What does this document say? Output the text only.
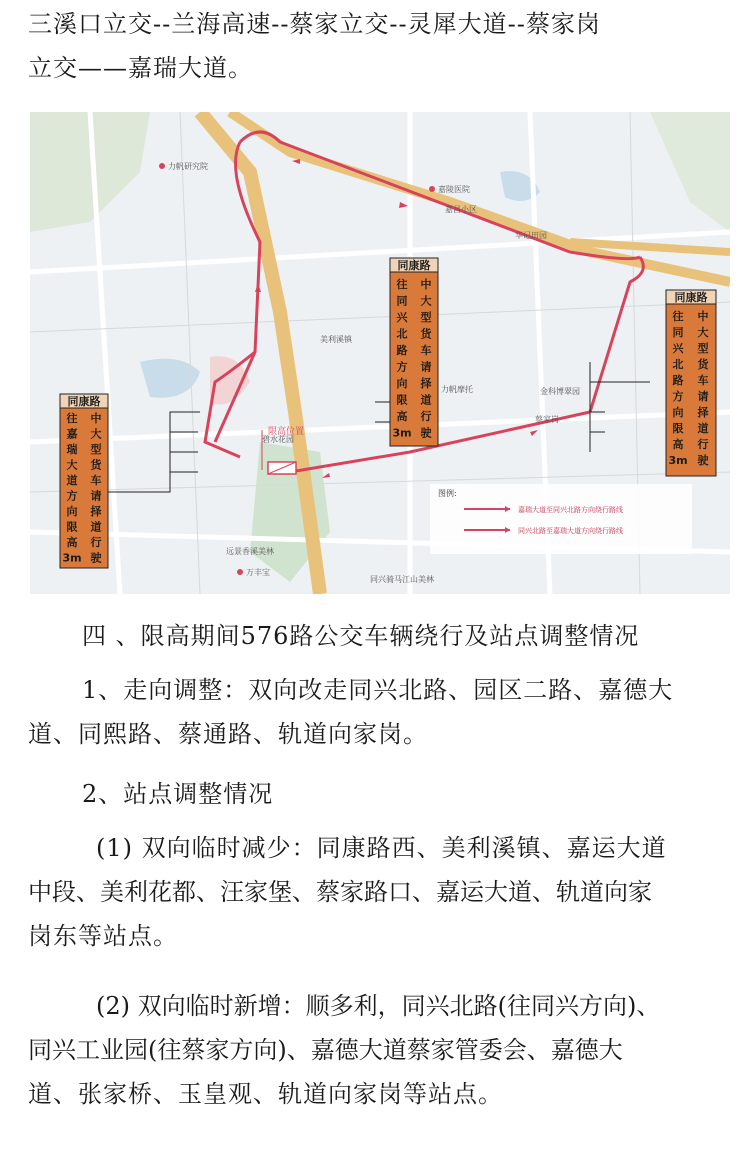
三溪口立交--兰海高速--蔡家立交--灵犀大道--蔡家岗
立交——嘉瑞大道。

力帆研究院
嘉陵医院
嘉昌小区
华记田园
碧水花园
美利溪镇
力帆摩托	金科博翠园
蔡家岗
远景香溪美林
万丰宝
同兴骑马江山美林
限高位置
同康路
往
嘉
瑞
大
道
方
向
限
高
3m
中
大
型
货
车
请
择
道
行
驶
同康路
往
同
兴
北
路
方
向
限
高
3m
中
大
型
货
车
请
择
道
行
驶
同康路
往
同
兴
北
路
方
向
限
高
3m
中
大
型
货
车
请
择
道
行
驶
图例:
嘉瑞大道至同兴北路方向绕行路线
同兴北路至嘉瑞大道方向绕行路线

四 、限高期间576路公交车辆绕行及站点调整情况

1、走向调整：双向改走同兴北路、园区二路、嘉德大
道、同熙路、蔡通路、轨道向家岗。

2、站点调整情况

(1) 双向临时减少：同康路西、美利溪镇、嘉运大道
中段、美利花都、汪家堡、蔡家路口、嘉运大道、轨道向家
岗东等站点。

(2) 双向临时新增：顺多利，同兴北路(往同兴方向)、
同兴工业园(往蔡家方向)、嘉德大道蔡家管委会、嘉德大
道、张家桥、玉皇观、轨道向家岗等站点。
